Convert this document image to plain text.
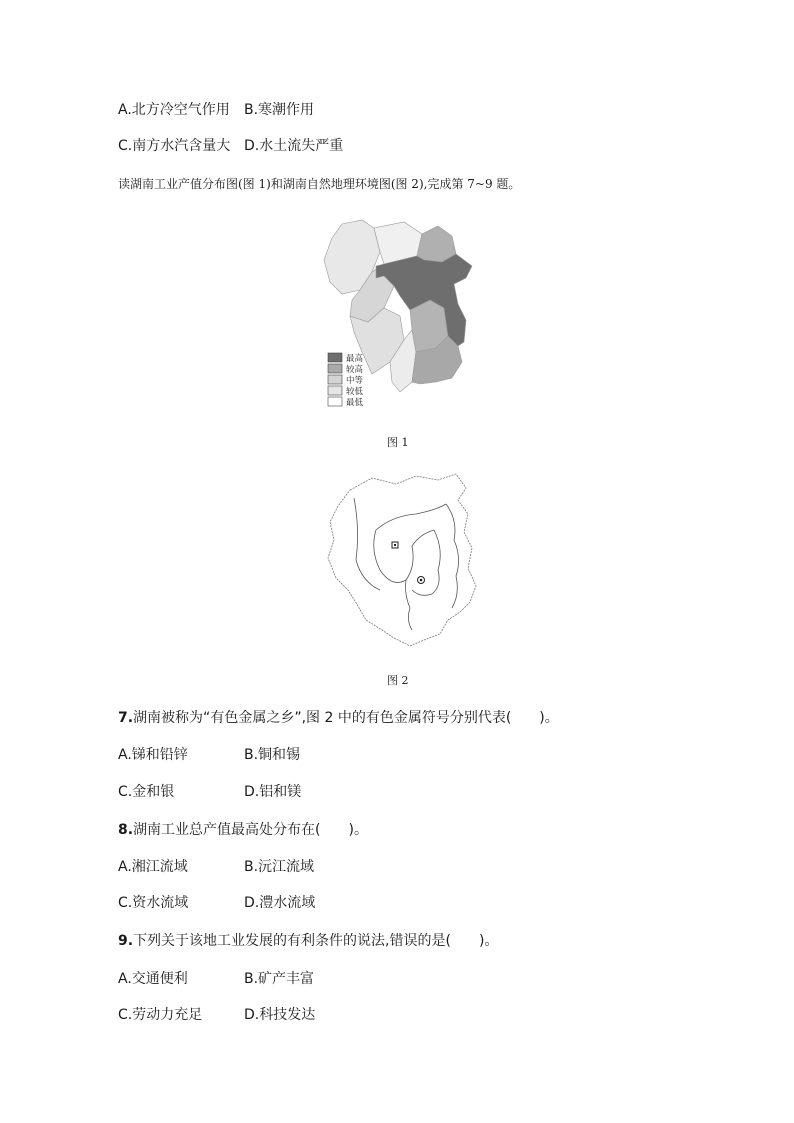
A.北方冷空气作用 B.寒潮作用
C.南方水汽含量大 D.水土流失严重
读湖南工业产值分布图(图 1)和湖南自然地理环境图(图 2),完成第 7~9 题。
最高
较高
中等
较低
最低
图 1
图 2
7.湖南被称为“有色金属之乡”,图 2 中的有色金属符号分别代表(　　)。
A.锑和铅锌	B.铜和锡
C.金和银	D.铝和镁
8.湖南工业总产值最高处分布在(　　)。
A.湘江流域	B.沅江流域
C.资水流域	D.澧水流域
9.下列关于该地工业发展的有利条件的说法,错误的是(　　)。
A.交通便利	B.矿产丰富
C.劳动力充足	D.科技发达
